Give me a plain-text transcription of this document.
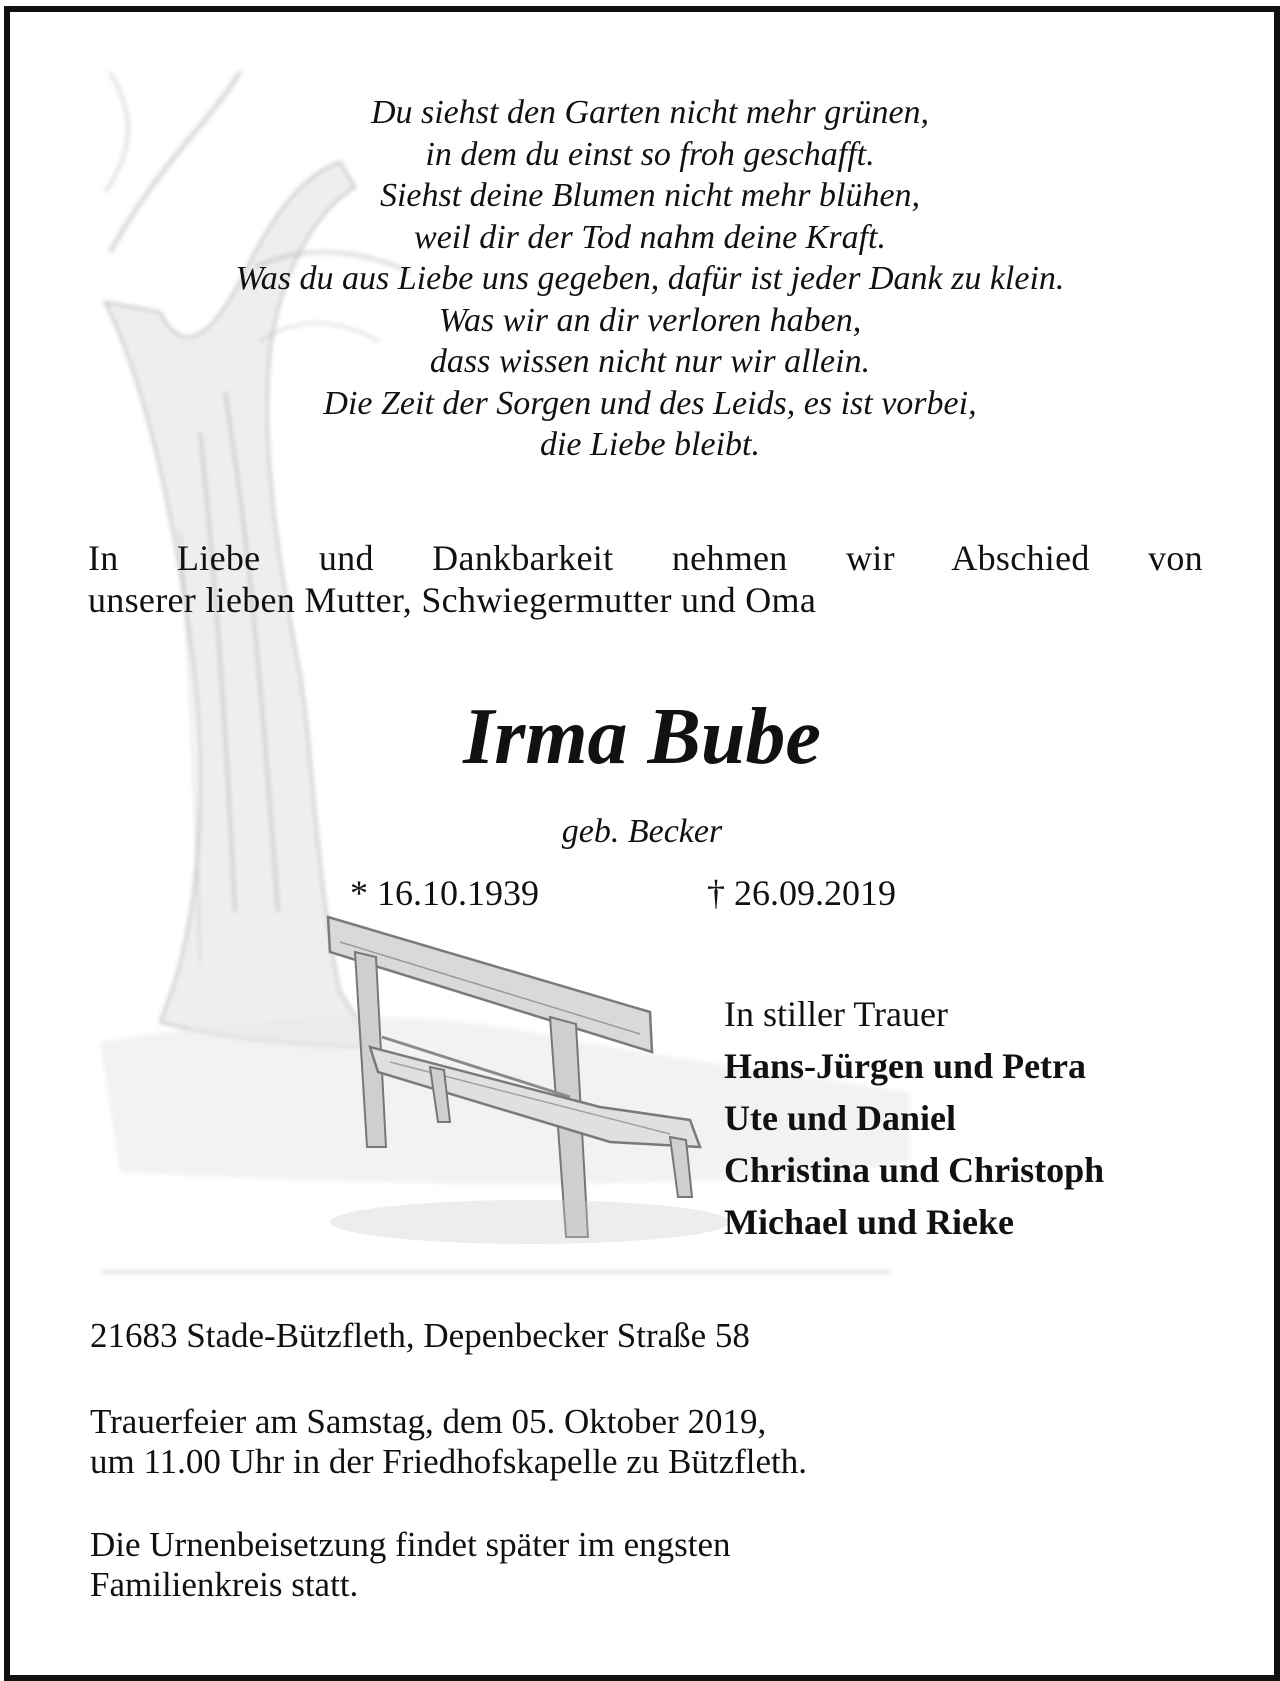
Du siehst den Garten nicht mehr grünen,
in dem du einst so froh geschafft.
Siehst deine Blumen nicht mehr blühen,
weil dir der Tod nahm deine Kraft.
Was du aus Liebe uns gegeben, dafür ist jeder Dank zu klein.
Was wir an dir verloren haben,
dass wissen nicht nur wir allein.
Die Zeit der Sorgen und des Leids, es ist vorbei,
die Liebe bleibt.
In Liebe und Dankbarkeit nehmen wir Abschied von
unserer lieben Mutter, Schwiegermutter und Oma
Irma Bube
geb. Becker
* 16.10.1939	† 26.09.2019
In stiller Trauer
Hans-Jürgen und Petra
Ute und Daniel
Christina und Christoph
Michael und Rieke
21683 Stade-Bützfleth, Depenbecker Straße 58
Trauerfeier am Samstag, dem 05. Oktober 2019,
um 11.00 Uhr in der Friedhofskapelle zu Bützfleth.
Die Urnenbeisetzung findet später im engsten
Familienkreis statt.
